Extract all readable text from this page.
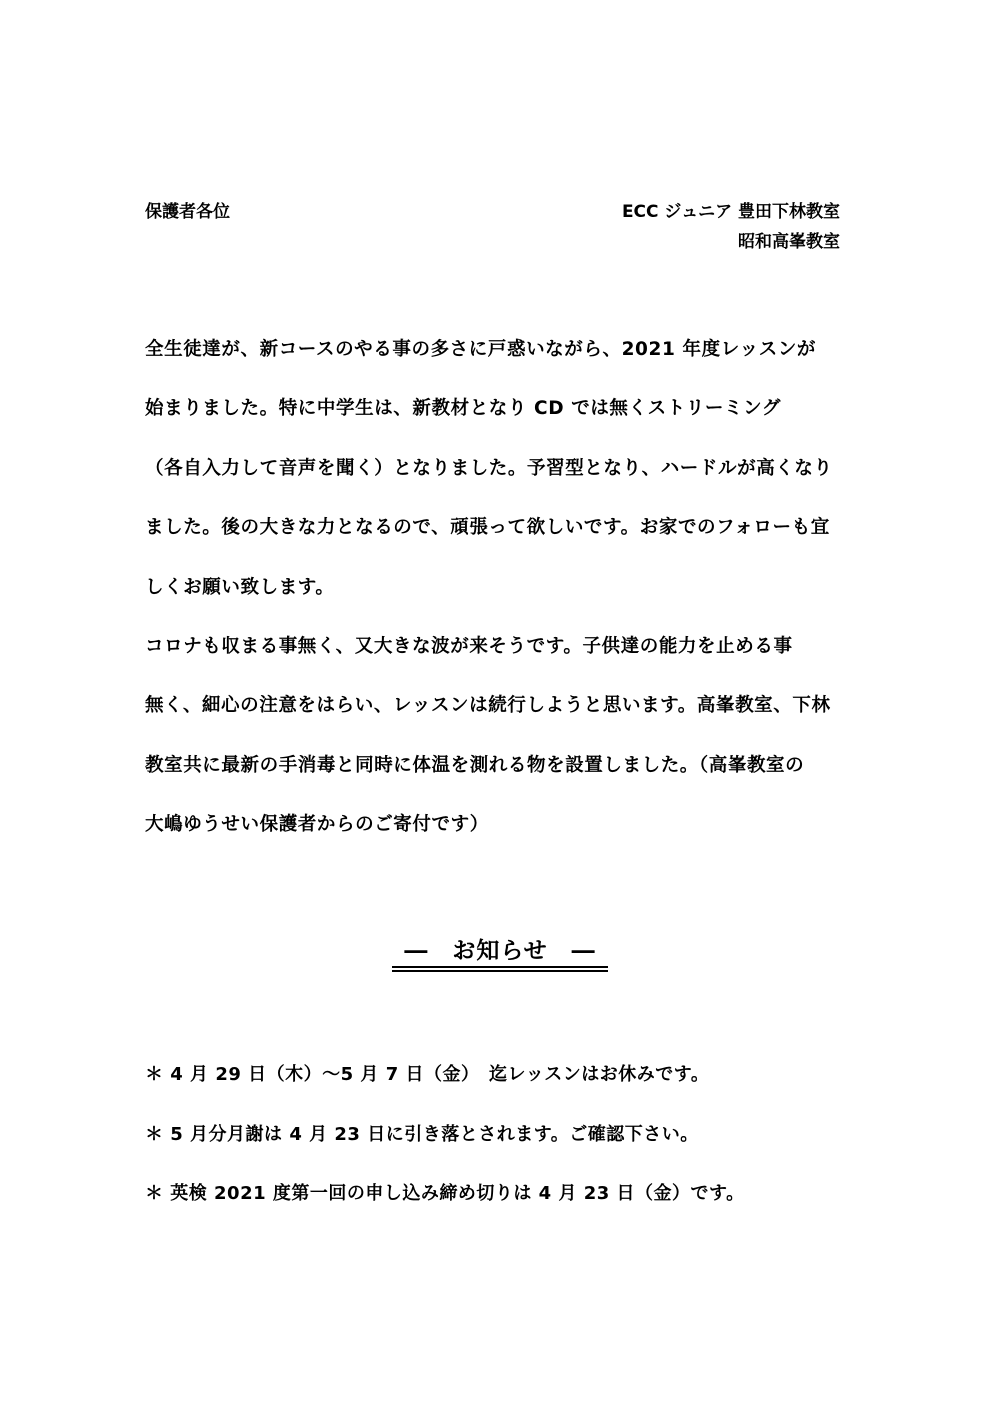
保護者各位	ECC ジュニア 豊田下林教室
昭和高峯教室
全生徒達が、新コースのやる事の多さに戸惑いながら、2021 年度レッスンが
始まりました。特に中学生は、新教材となり CD では無くストリーミング
（各自入力して音声を聞く）となりました。予習型となり、ハードルが高くなり
ました。後の大きな力となるので、頑張って欲しいです。お家でのフォローも宜
しくお願い致します。
コロナも収まる事無く、又大きな波が来そうです。子供達の能力を止める事
無く、細心の注意をはらい、レッスンは続行しようと思います。高峯教室、下林
教室共に最新の手消毒と同時に体温を測れる物を設置しました。（高峯教室の
大嶋ゆうせい保護者からのご寄付です）
―　お知らせ　―
＊ 4 月 29 日（木）～5 月 7 日（金）　迄レッスンはお休みです。
＊ 5 月分月謝は 4 月 23 日に引き落とされます。ご確認下さい。
＊ 英検 2021 度第一回の申し込み締め切りは 4 月 23 日（金）です。
